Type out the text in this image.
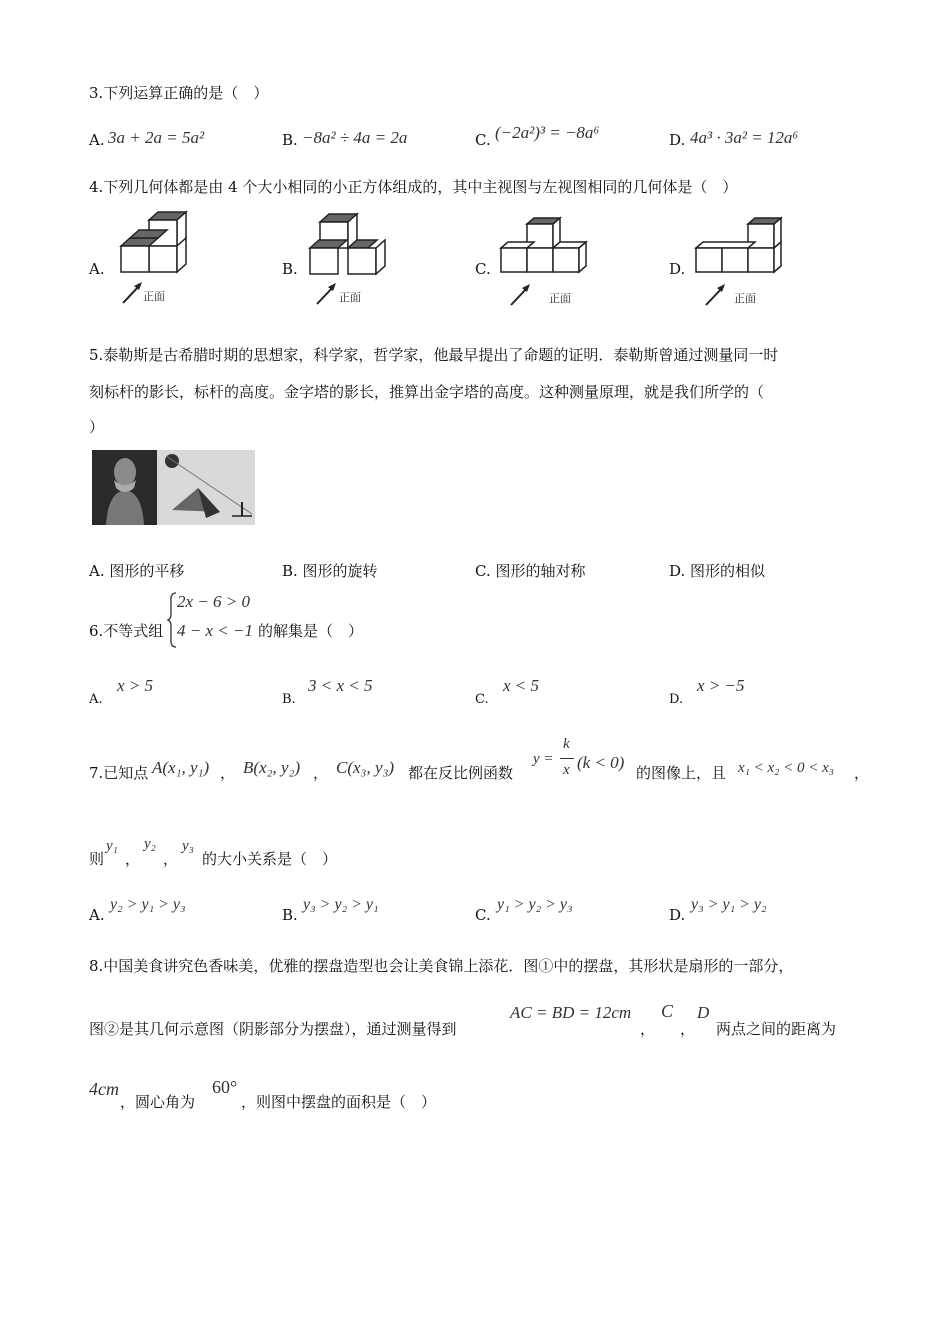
3.下列运算正确的是（　）
A. 3a + 2a = 5a²	B. −8a² ÷ 4a = 2a	C. (−2a²)³ = −8a⁶	D. 4a³ · 3a² = 12a⁶
4.下列几何体都是由 4 个大小相同的小正方体组成的，其中主视图与左视图相同的几何体是（　）
A.
正面
B.
正面
C.
正面
D.
正面
5.泰勒斯是古希腊时期的思想家，科学家，哲学家，他最早提出了命题的证明．泰勒斯曾通过测量同一时
刻标杆的影长，标杆的高度。金字塔的影长，推算出金字塔的高度。这种测量原理，就是我们所学的（
）
A. 图形的平移	B. 图形的旋转	C. 图形的轴对称	D. 图形的相似
6.不等式组
2x − 6 > 0
4 − x < −1 的解集是（　）
A.
x > 5
B.
3 < x < 5
C.
x < 5
D.
x > −5
7.已知点 A(x₁, y₁) ， B(x₂, y₂) ， C(x₃, y₃) 都在反比例函数
y =
k
x (k < 0)
的图像上，且 x₁ < x₂ < 0 < x₃ ，
则
y₁
，
y₂
，
y₃
的大小关系是（　）
A.
y₂ > y₁ > y₃
B.
y₃ > y₂ > y₁
C.
y₁ > y₂ > y₃
D.
y₃ > y₁ > y₂
8.中国美食讲究色香味美，优雅的摆盘造型也会让美食锦上添花．图①中的摆盘，其形状是扇形的一部分，
图②是其几何示意图（阴影部分为摆盘），通过测量得到
AC = BD = 12cm
，
C
，
D
两点之间的距离为
4cm
，圆心角为
60°
，则图中摆盘的面积是（　）
